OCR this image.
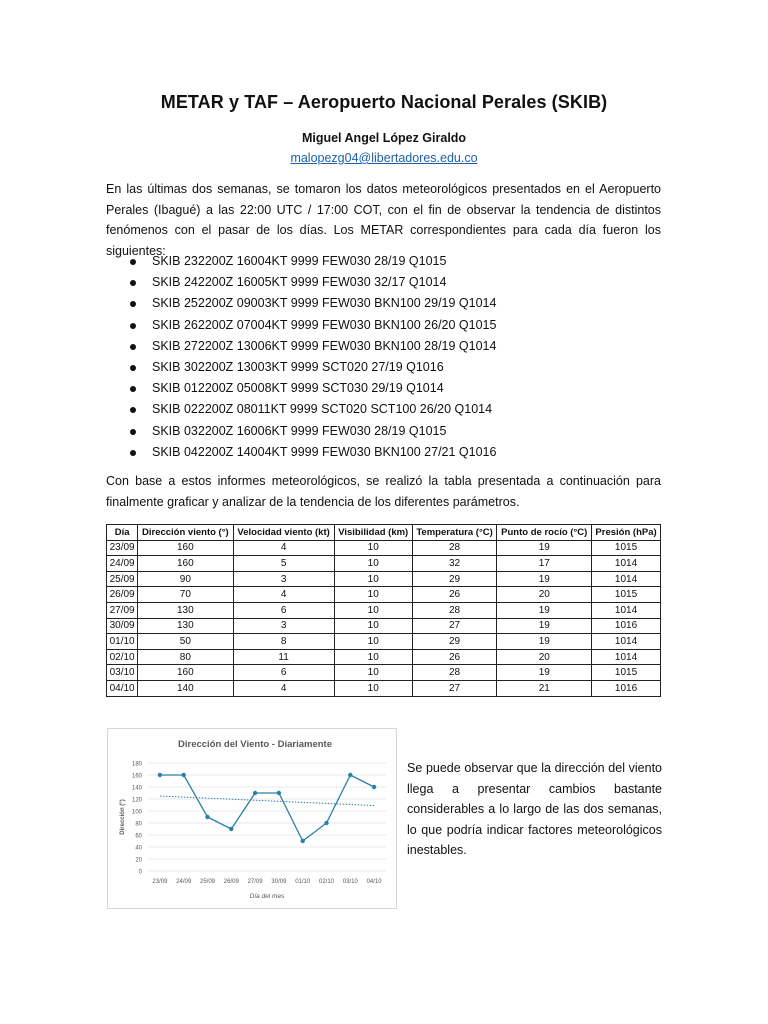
METAR y TAF – Aeropuerto Nacional Perales (SKIB)
Miguel Angel López Giraldo
malopezg04@libertadores.edu.co
En las últimas dos semanas, se tomaron los datos meteorológicos presentados en el Aeropuerto Perales (Ibagué) a las 22:00 UTC / 17:00 COT, con el fin de observar la tendencia de distintos fenómenos con el pasar de los días. Los METAR correspondientes para cada día fueron los siguientes:
SKIB 232200Z 16004KT 9999 FEW030 28/19 Q1015
SKIB 242200Z 16005KT 9999 FEW030 32/17 Q1014
SKIB 252200Z 09003KT 9999 FEW030 BKN100 29/19 Q1014
SKIB 262200Z 07004KT 9999 FEW030 BKN100 26/20 Q1015
SKIB 272200Z 13006KT 9999 FEW030 BKN100 28/19 Q1014
SKIB 302200Z 13003KT 9999 SCT020 27/19 Q1016
SKIB 012200Z 05008KT 9999 SCT030 29/19 Q1014
SKIB 022200Z 08011KT 9999 SCT020 SCT100 26/20 Q1014
SKIB 032200Z 16006KT 9999 FEW030 28/19 Q1015
SKIB 042200Z 14004KT 9999 FEW030 BKN100 27/21 Q1016
Con base a estos informes meteorológicos, se realizó la tabla presentada a continuación para finalmente graficar y analizar de la tendencia de los diferentes parámetros.
Día	Dirección viento (°)	Velocidad viento (kt)	Visibilidad (km)	Temperatura (°C)	Punto de rocío (°C)	Presión (hPa)
23/09	160	4	10	28	19	1015
24/09	160	5	10	32	17	1014
25/09	90	3	10	29	19	1014
26/09	70	4	10	26	20	1015
27/09	130	6	10	28	19	1014
30/09	130	3	10	27	19	1016
01/10	50	8	10	29	19	1014
02/10	80	11	10	26	20	1014
03/10	160	6	10	28	19	1015
04/10	140	4	10	27	21	1016
Dirección del Viento - Diariamente
0
20
40
60
80
100
120
140
160
180
23/09 24/09 25/09 26/09 27/09 30/09 01/10 02/10 03/10 04/10
Dirección (°)
Día del mes
Se puede observar que la dirección del viento llega a presentar cambios bastante considerables a lo largo de las dos semanas, lo que podría indicar factores meteorológicos inestables.
